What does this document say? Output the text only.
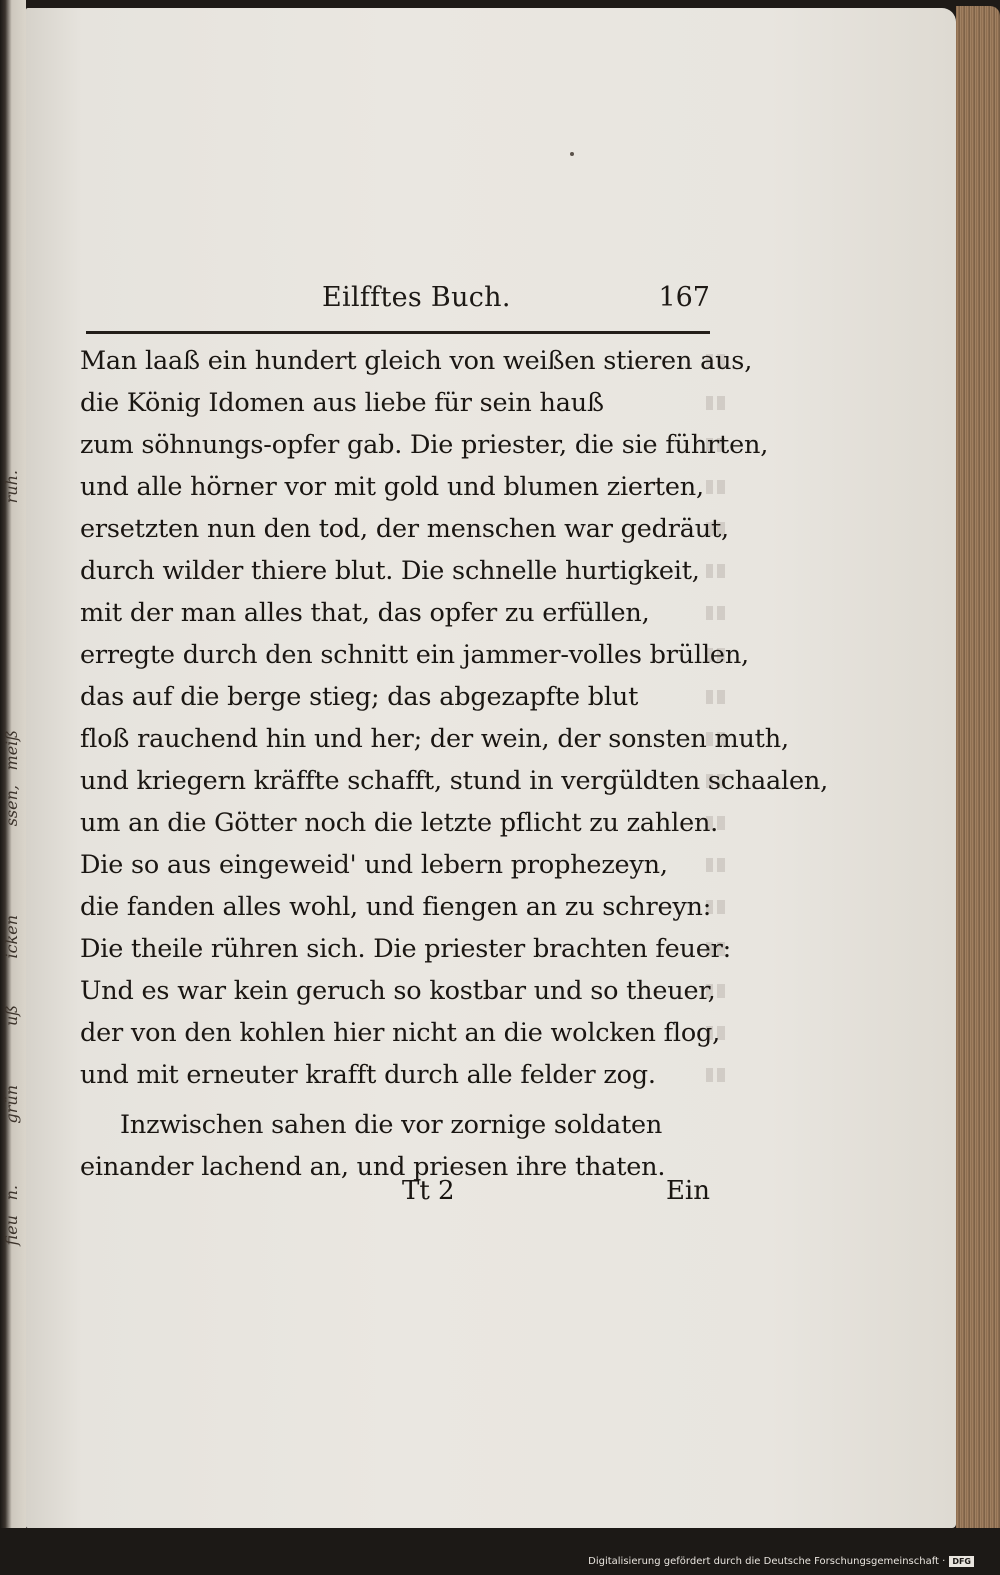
ruh.
meiß
ssen,
icken
uß
grün
n.
fieu
Eilfftes Buch.	167
Man laaß ein hundert gleich von weißen stieren aus,
die König Idomen aus liebe für sein hauß
zum söhnungs-opfer gab. Die priester, die sie führten,
und alle hörner vor mit gold und blumen zierten,
ersetzten nun den tod, der menschen war gedräut,
durch wilder thiere blut. Die schnelle hurtigkeit,
mit der man alles that, das opfer zu erfüllen,
erregte durch den schnitt ein jammer-volles brüllen,
das auf die berge stieg; das abgezapfte blut
floß rauchend hin und her; der wein, der sonsten muth,
und kriegern kräffte schafft, stund in vergüldten schaalen,
um an die Götter noch die letzte pflicht zu zahlen.
Die so aus eingeweid' und lebern prophezeyn,
die fanden alles wohl, und fiengen an zu schreyn:
Die theile rühren sich. Die priester brachten feuer:
Und es war kein geruch so kostbar und so theuer,
der von den kohlen hier nicht an die wolcken flog,
und mit erneuter krafft durch alle felder zog.
Inzwischen sahen die vor zornige soldaten
einander lachend an, und priesen ihre thaten.
Tt 2	Ein
Digitalisierung gefördert durch die Deutsche Forschungsgemeinschaft · DFG
